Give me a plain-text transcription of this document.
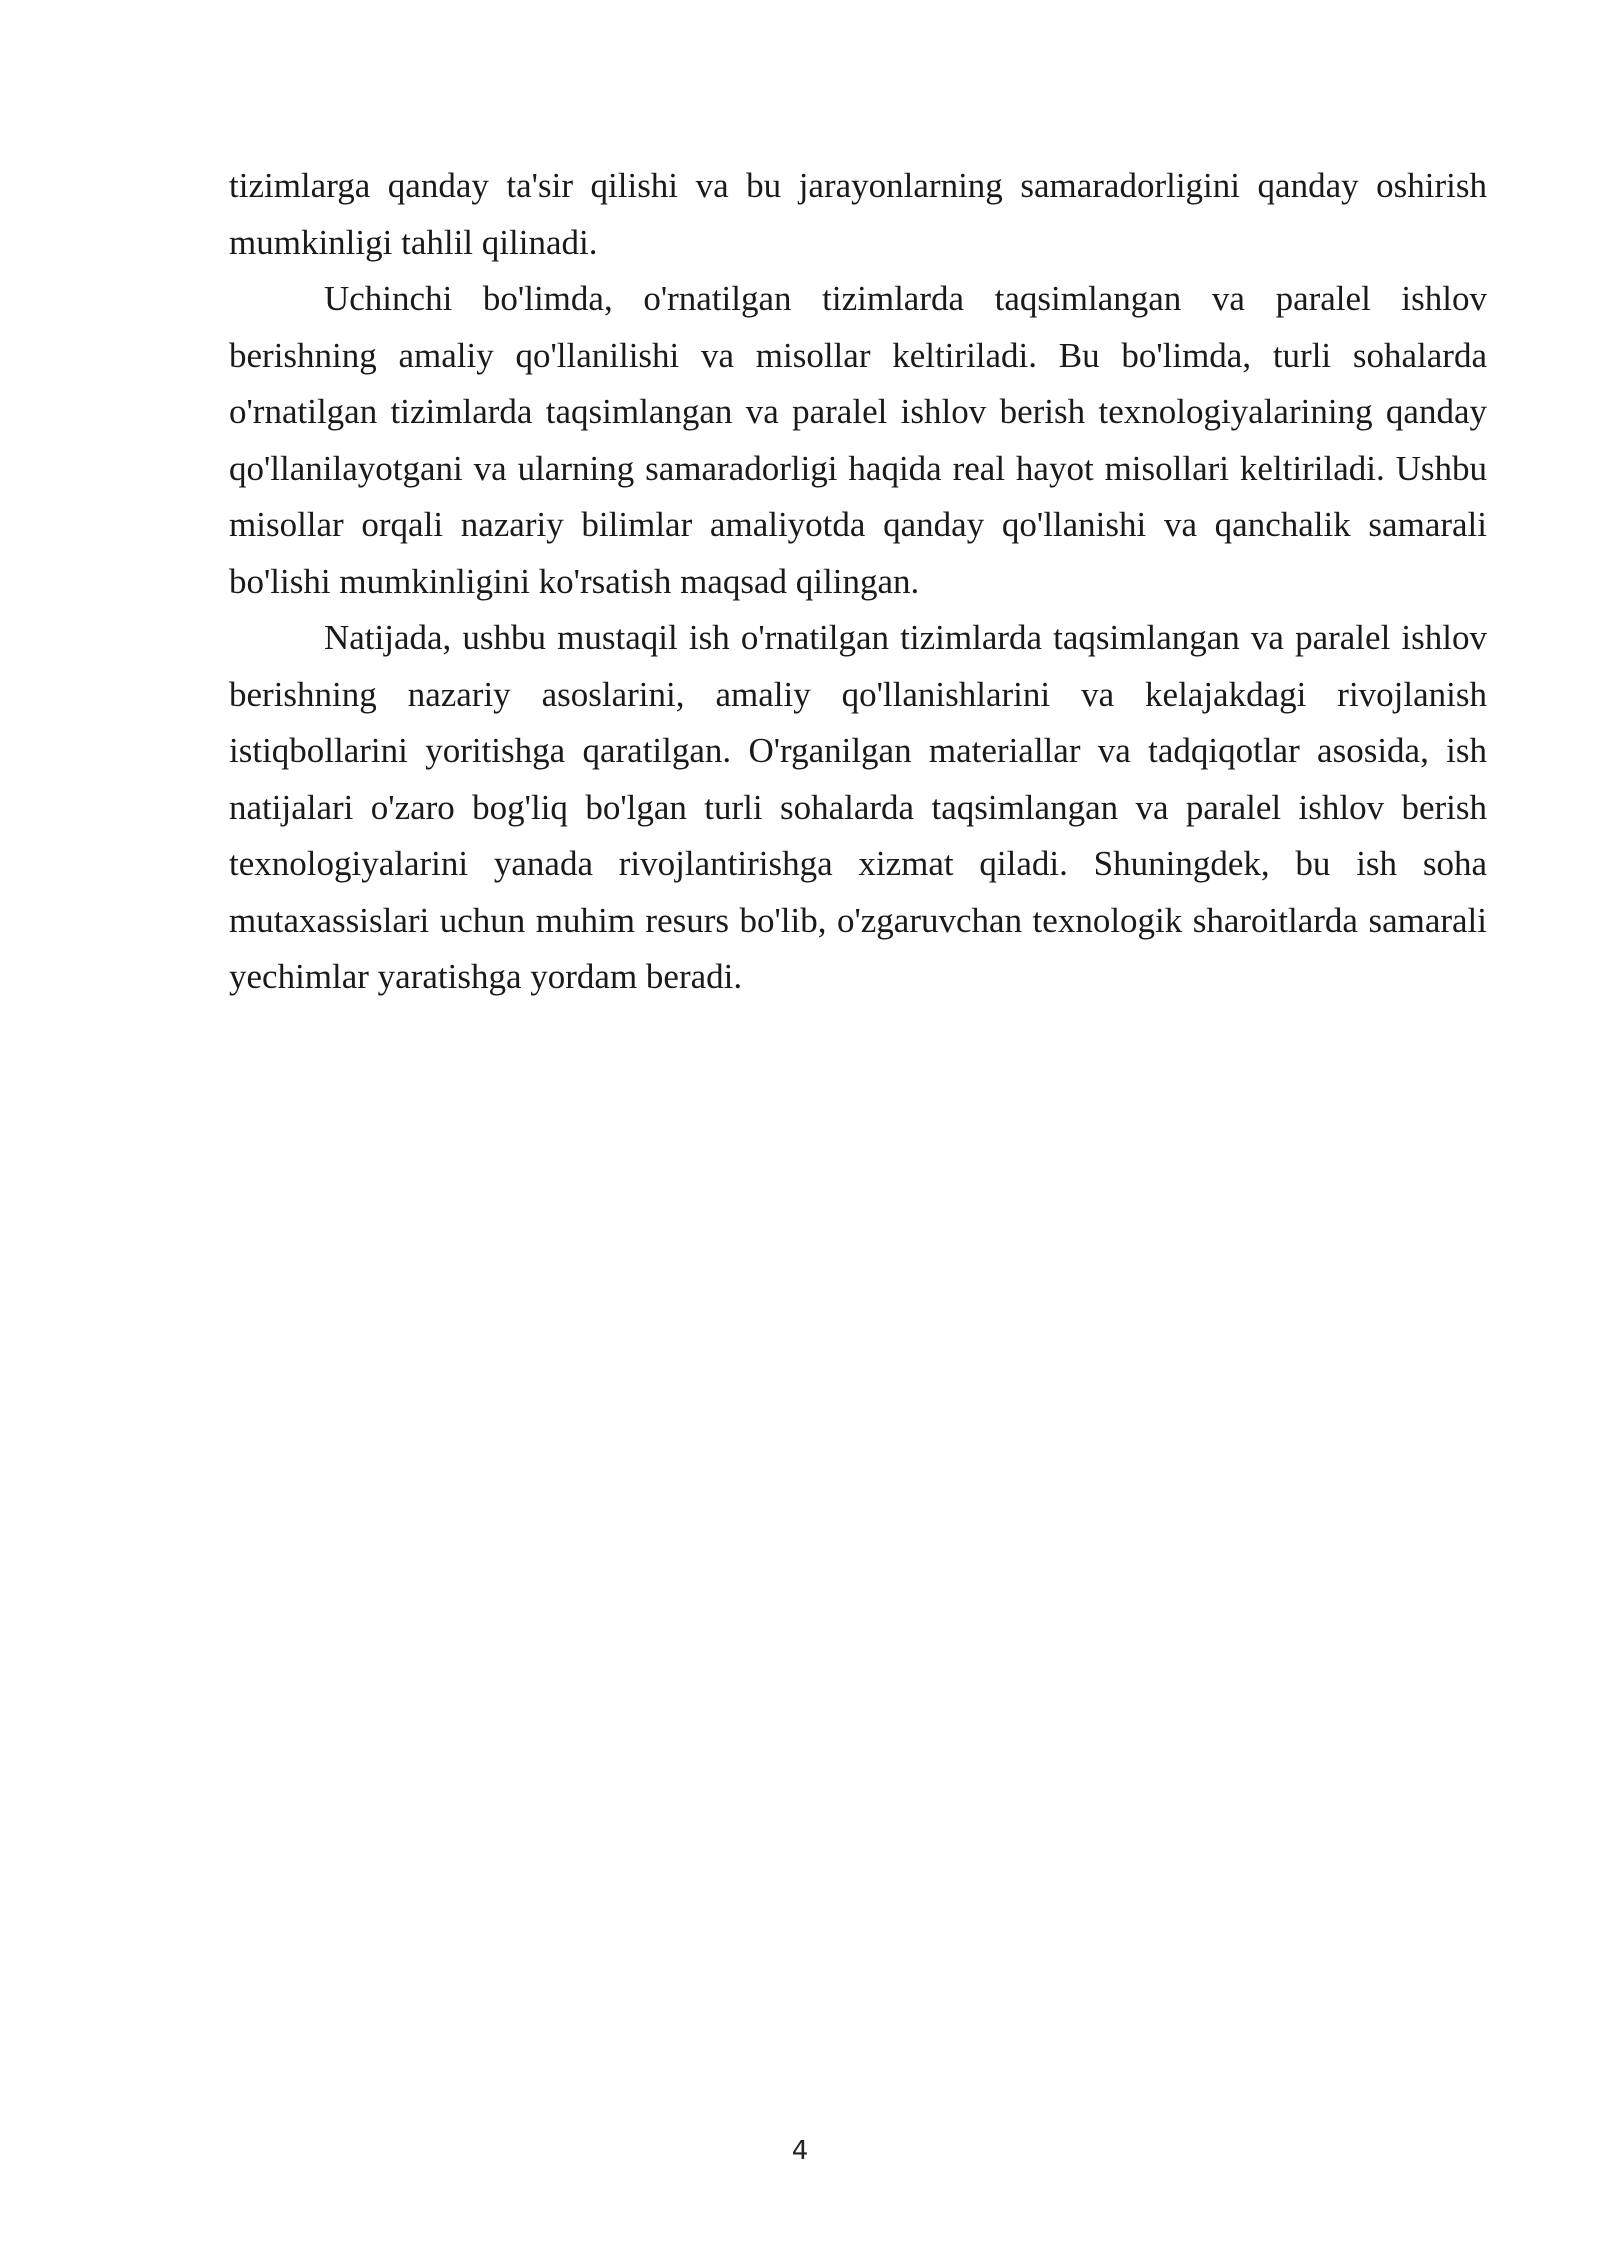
tizimlarga qanday ta'sir qilishi va bu jarayonlarning samaradorligini qanday oshirish mumkinligi tahlil qilinadi.

Uchinchi bo'limda, o'rnatilgan tizimlarda taqsimlangan va paralel ishlov berishning amaliy qo'llanilishi va misollar keltiriladi. Bu bo'limda, turli sohalarda o'rnatilgan tizimlarda taqsimlangan va paralel ishlov berish texnologiyalarining qanday qo'llanilayotgani va ularning samaradorligi haqida real hayot misollari keltiriladi. Ushbu misollar orqali nazariy bilimlar amaliyotda qanday qo'llanishi va qanchalik samarali bo'lishi mumkinligini ko'rsatish maqsad qilingan.

Natijada, ushbu mustaqil ish o'rnatilgan tizimlarda taqsimlangan va paralel ishlov berishning nazariy asoslarini, amaliy qo'llanishlarini va kelajakdagi rivojlanish istiqbollarini yoritishga qaratilgan. O'rganilgan materiallar va tadqiqotlar asosida, ish natijalari o'zaro bog'liq bo'lgan turli sohalarda taqsimlangan va paralel ishlov berish texnologiyalarini yanada rivojlantirishga xizmat qiladi. Shuningdek, bu ish soha mutaxassislari uchun muhim resurs bo'lib, o'zgaruvchan texnologik sharoitlarda samarali yechimlar yaratishga yordam beradi.

4
